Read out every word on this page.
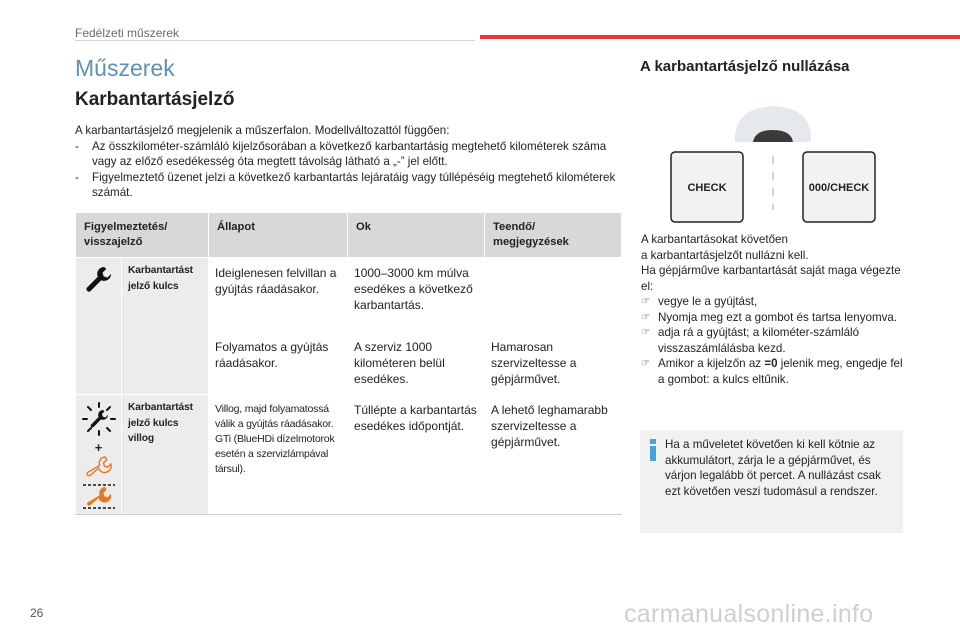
Fedélzeti műszerek
Műszerek
Karbantartásjelző

A karbantartásjelző megjelenik a műszerfalon. Modellváltozattól függően:

- Az összkilométer-számláló kijelzősorában a következő karbantartásig megtehető kilométerek száma vagy az előző esedékesség óta megtett távolság látható a „-” jel előtt.

- Figyelmeztető üzenet jelzi a következő karbantartás lejáratáig vagy túllépéséig megtehető kilométerek számát.

Figyelmeztetés/ visszajelző		Állapot	Ok	Teendő/ megjegyzések
	Karbantartást jelző kulcs	Ideiglenesen felvillan a gyújtás ráadásakor.	1000–3000 km múlva esedékes a következő karbantartás.	
		Folyamatos a gyújtás ráadásakor.	A szerviz 1000 kilométeren belül esedékes.	Hamarosan szervizeltesse a gépjárművet.

+	Karbantartást jelző kulcs villog	Villog, majd folyamatossá válik a gyújtás ráadásakor. GTi (BlueHDi dízelmotorok esetén a szervizlámpával társul).	Túllépte a karbantartás esedékes időpontját.	A lehető leghamarabb szervizeltesse a gépjárművet.
A karbantartásjelző nullázása
CHECK	000/CHECK

A karbantartásokat követően

a karbantartásjelzőt nullázni kell.

Ha gépjárműve karbantartását saját maga végezte el:

☞ vegye le a gyújtást,

☞ Nyomja meg ezt a gombot és tartsa lenyomva.

☞ adja rá a gyújtást; a kilométer-számláló visszaszámlálásba kezd.

☞ Amikor a kijelzőn az =0 jelenik meg, engedje fel a gombot: a kulcs eltűnik.

Ha a műveletet követően ki kell kötnie az akkumulátort, zárja le a gépjárművet, és várjon legalább öt percet. A nullázást csak ezt követően veszi tudomásul a rendszer.
26	carmanualsonline.info
